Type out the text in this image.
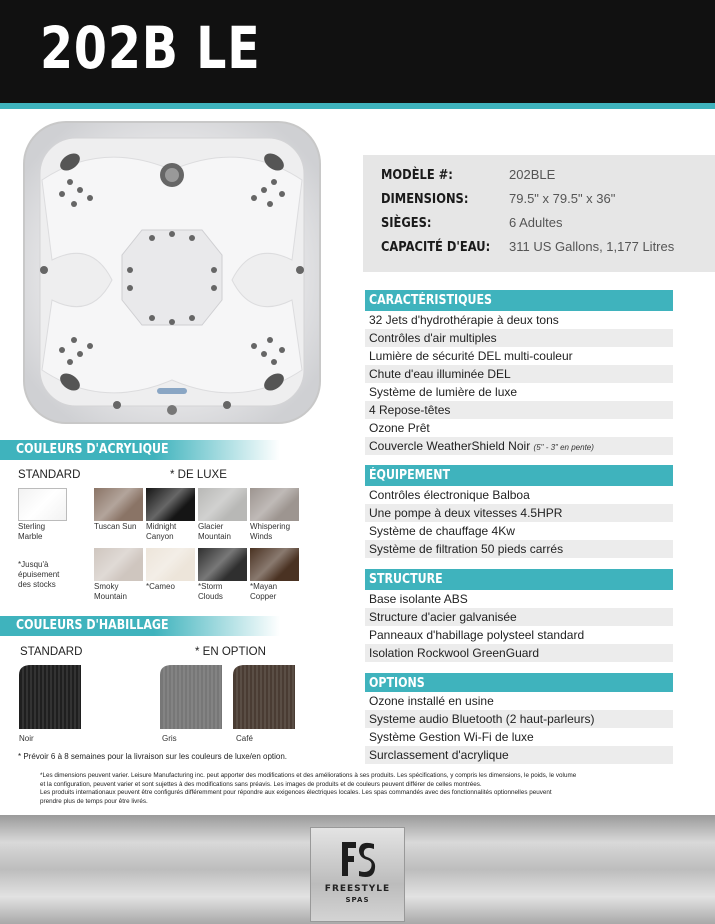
202B LE
MODÈLE #:	202BLE
DIMENSIONS:	79.5" x 79.5" x 36"
SIÈGES:	6 Adultes
CAPACITÉ D'EAU: 311 US Gallons, 1,177 Litres
CARACTÉRISTIQUES
32 Jets d'hydrothérapie à deux tons
Contrôles d'air multiples
Lumière de sécurité DEL multi-couleur
Chute d'eau illuminée DEL
Système de lumière de luxe
4 Repose-têtes
Ozone Prêt
Couvercle WeatherShield Noir (5" - 3" en pente)
ÉQUIPEMENT
Contrôles électronique Balboa
Une pompe à deux vitesses 4.5HPR
Système de chauffage 4Kw
Système de filtration 50 pieds carrés
STRUCTURE
Base isolante ABS
Structure d'acier galvanisée
Panneaux d'habillage polysteel standard
Isolation Rockwool GreenGuard
OPTIONS
Ozone installé en usine
Systeme audio Bluetooth (2 haut-parleurs)
Système Gestion Wi-Fi de luxe
Surclassement d'acrylique
COULEURS D'ACRYLIQUE
STANDARD	* DE LUXE
Sterling
Marble
*Jusqu'à
épuisement
des stocks
Tuscan Sun Midnight
Canyon
Glacier
Mountain
Whispering
Winds
Smoky
Mountain
*Cameo	*Storm
Clouds
*Mayan
Copper
COULEURS D'HABILLAGE
STANDARD	* EN OPTION
Noir	Gris	Café
* Prévoir 6 à 8 semaines pour la livraison sur les couleurs de luxe/en option.
*Les dimensions peuvent varier. Leisure Manufacturing inc. peut apporter des modifications et des améliorations à ses produits. Les spécifications, y compris les dimensions, le poids, le volume
et la configuration, peuvent varier et sont sujettes à des modifications sans préavis. Les images de produits et de couleurs peuvent différer de celles montrées.
Les produits internationaux peuvent être configurés différemment pour répondre aux exigences électriques locales. Les spas commandés avec des fonctionnalités optionnelles peuvent
prendre plus de temps pour être livrés.
FREESTYLE
SPAS
